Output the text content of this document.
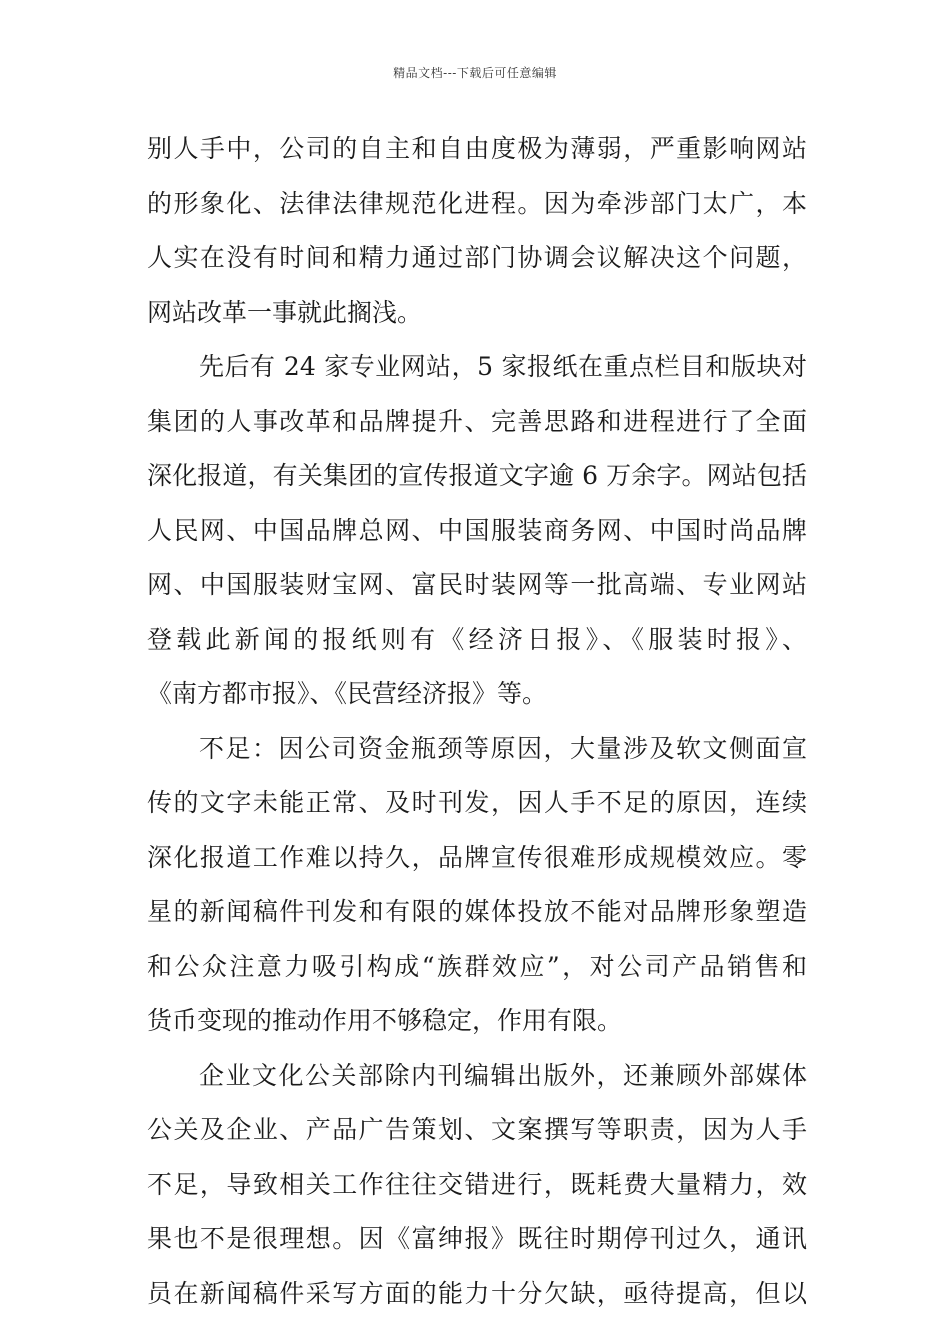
精品文档---下载后可任意编辑
别人手中，公司的自主和自由度极为薄弱，严重影响网站
的形象化、法律法律规范化进程。因为牵涉部门太广，本
人实在没有时间和精力通过部门协调会议解决这个问题，
网站改革一事就此搁浅。
先后有 24 家专业网站，5 家报纸在重点栏目和版块对
集团的人事改革和品牌提升、完善思路和进程进行了全面
深化报道，有关集团的宣传报道文字逾 6 万余字。网站包括
人民网、中国品牌总网、中国服装商务网、中国时尚品牌
网、中国服装财宝网、富民时装网等一批高端、专业网站
登载此新闻的报纸则有《经济日报》、《服装时报》、
《南方都市报》、《民营经济报》等。
不足：因公司资金瓶颈等原因，大量涉及软文侧面宣
传的文字未能正常、及时刊发，因人手不足的原因，连续
深化报道工作难以持久，品牌宣传很难形成规模效应。零
星的新闻稿件刊发和有限的媒体投放不能对品牌形象塑造
和公众注意力吸引构成“族群效应”，对公司产品销售和
货币变现的推动作用不够稳定，作用有限。
企业文化公关部除内刊编辑出版外，还兼顾外部媒体
公关及企业、产品广告策划、文案撰写等职责，因为人手
不足，导致相关工作往往交错进行，既耗费大量精力，效
果也不是很理想。因《富绅报》既往时期停刊过久，通讯
员在新闻稿件采写方面的能力十分欠缺，亟待提高，但以
